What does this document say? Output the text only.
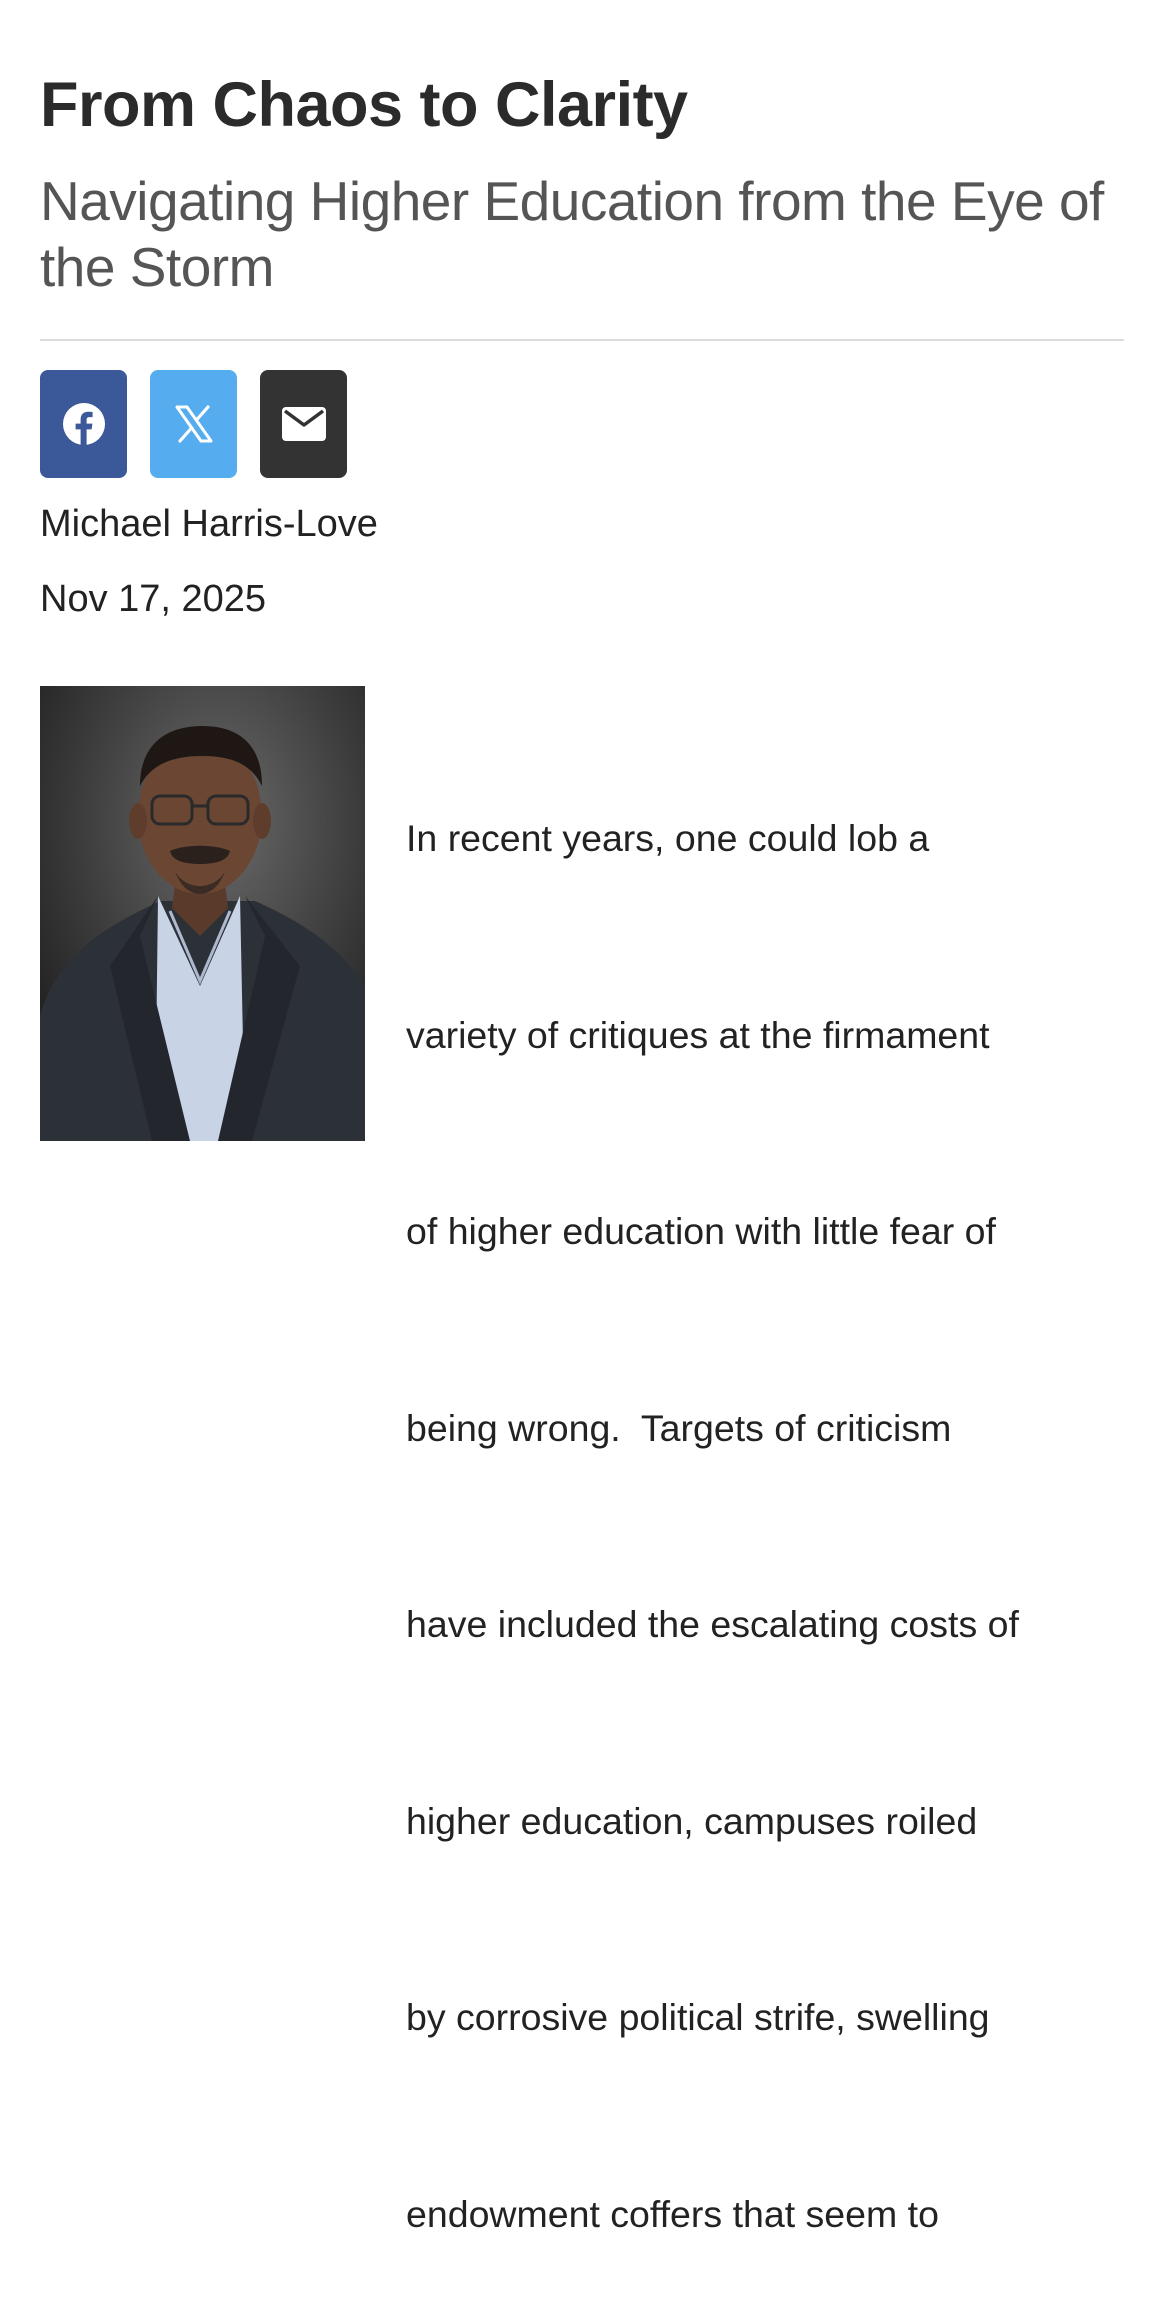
From Chaos to Clarity
Navigating Higher Education from the Eye of the Storm
Michael Harris-Love
Nov 17, 2025

In recent years, one could lob a

variety of critiques at the firmament

of higher education with little fear of

being wrong.  Targets of criticism

have included the escalating costs of

higher education, campuses roiled

by corrosive political strife, swelling

endowment coffers that seem to
